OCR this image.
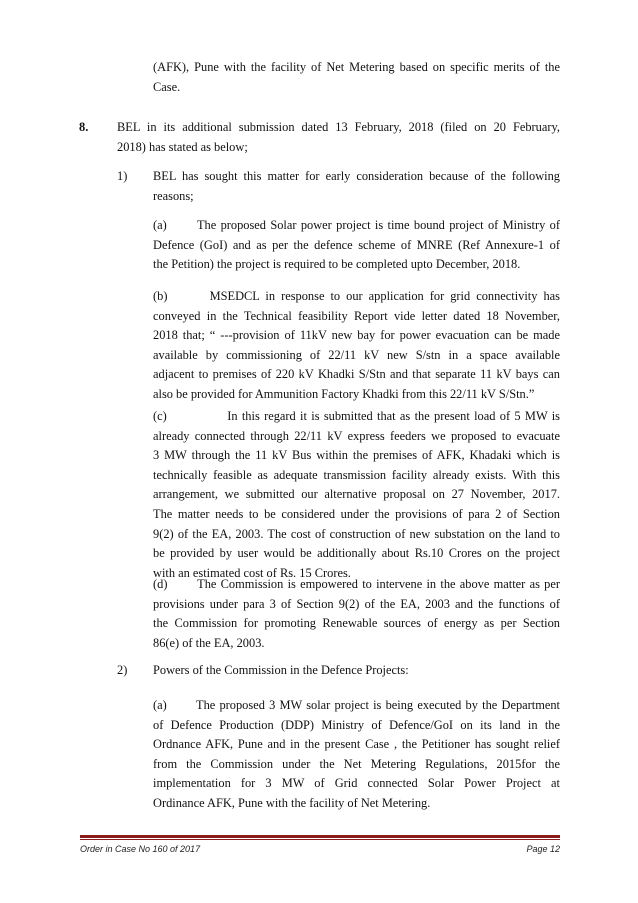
(AFK), Pune with the facility of Net Metering based on specific merits of the
Case.
8. BEL in its additional submission dated 13 February, 2018 (filed on 20 February,
2018) has stated as below;
1) BEL has sought this matter for early consideration because of the following
reasons;
(a)       The proposed Solar power project is time bound project of Ministry of
Defence (GoI) and as per the defence scheme of MNRE (Ref Annexure-1 of
the Petition) the project is required to be completed upto December, 2018.
(b)       MSEDCL in response to our application for grid connectivity has
conveyed in the Technical feasibility Report vide letter dated 18 November,
2018 that; “ ---provision of 11kV new bay for power evacuation can be made
available by commissioning of 22/11 kV new S/stn in a space available
adjacent to premises of 220 kV Khadki S/Stn and that separate 11 kV bays can
also be provided for Ammunition Factory Khadki from this 22/11 kV S/Stn.”
(c)              In this regard it is submitted that as the present load of 5 MW is
already connected through 22/11 kV express feeders we proposed to evacuate
3 MW through the 11 kV Bus within the premises of AFK, Khadaki which is
technically feasible as adequate transmission facility already exists. With this
arrangement, we submitted our alternative proposal on 27 November, 2017.
The matter needs to be considered under the provisions of para 2 of Section
9(2) of the EA, 2003. The cost of construction of new substation on the land to
be provided by user would be additionally about Rs.10 Crores on the project
with an estimated cost of Rs. 15 Crores.
(d)       The Commission is empowered to intervene in the above matter as per
provisions under para 3 of Section 9(2) of the EA, 2003 and the functions of
the Commission for promoting Renewable sources of energy as per Section
86(e) of the EA, 2003.
2) Powers of the Commission in the Defence Projects:
(a)       The proposed 3 MW solar project is being executed by the Department
of Defence Production (DDP) Ministry of Defence/GoI on its land in the
Ordnance AFK, Pune and in the present Case , the Petitioner has sought relief
from the Commission under the Net Metering Regulations, 2015for the
implementation for 3 MW of Grid connected Solar Power Project at
Ordinance AFK, Pune with the facility of Net Metering.
Order in Case No 160 of 2017	Page 12
